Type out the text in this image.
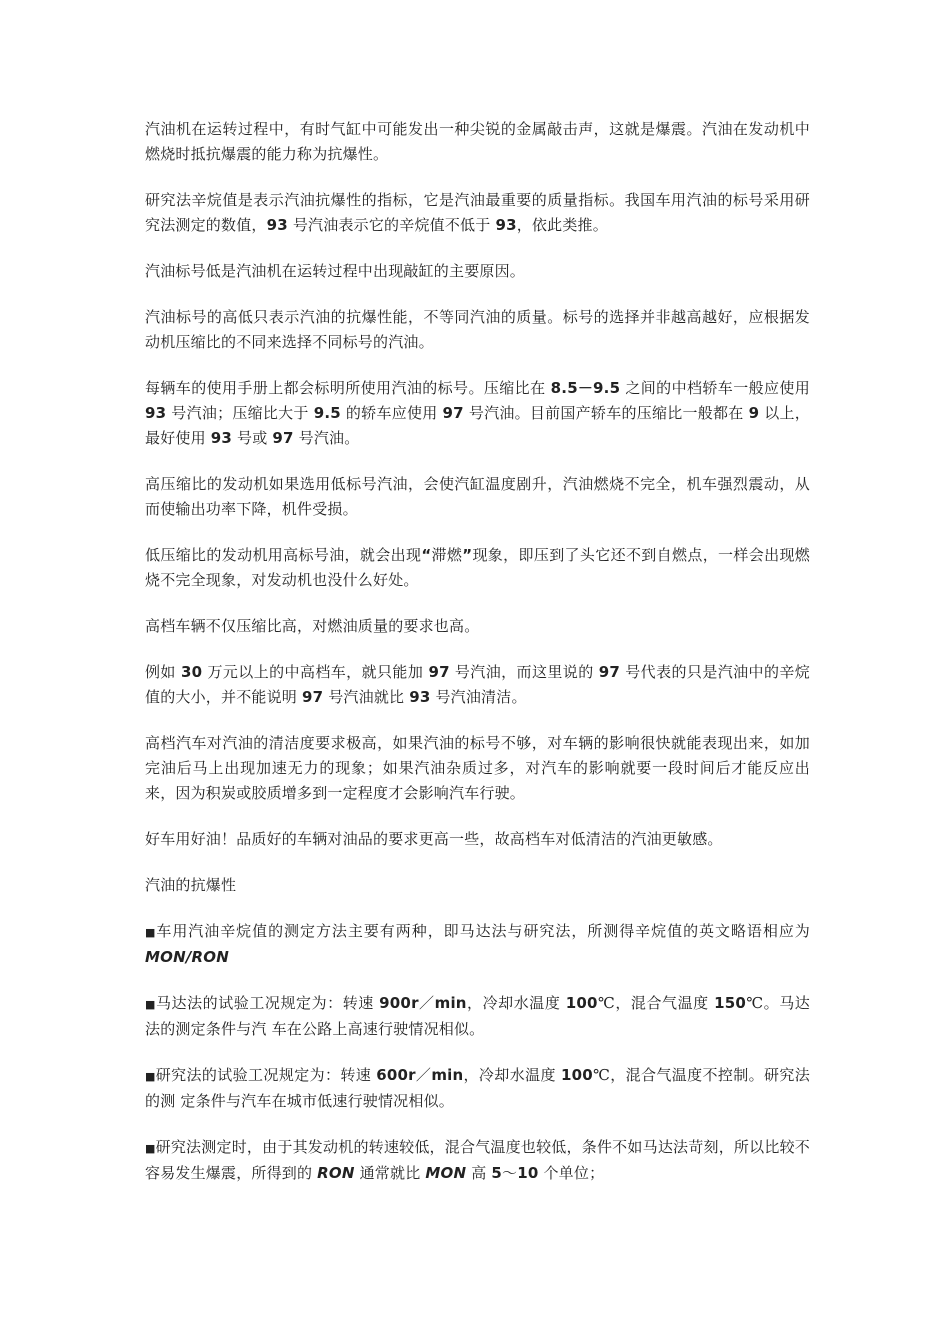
汽油机在运转过程中，有时气缸中可能发出一种尖锐的金属敲击声，这就是爆震。汽油在发动机中燃烧时抵抗爆震的能力称为抗爆性。

研究法辛烷值是表示汽油抗爆性的指标，它是汽油最重要的质量指标。我国车用汽油的标号采用研究法测定的数值，93 号汽油表示它的辛烷值不低于 93，依此类推。

汽油标号低是汽油机在运转过程中出现敲缸的主要原因。

汽油标号的高低只表示汽油的抗爆性能，不等同汽油的质量。标号的选择并非越高越好，应根据发动机压缩比的不同来选择不同标号的汽油。

每辆车的使用手册上都会标明所使用汽油的标号。压缩比在 8.5－9.5 之间的中档轿车一般应使用 93 号汽油；压缩比大于 9.5 的轿车应使用 97 号汽油。目前国产轿车的压缩比一般都在 9 以上，最好使用 93 号或 97 号汽油。

高压缩比的发动机如果选用低标号汽油，会使汽缸温度剧升，汽油燃烧不完全，机车强烈震动，从而使输出功率下降，机件受损。

低压缩比的发动机用高标号油，就会出现“滞燃”现象，即压到了头它还不到自燃点，一样会出现燃烧不完全现象，对发动机也没什么好处。

高档车辆不仅压缩比高，对燃油质量的要求也高。

例如 30 万元以上的中高档车，就只能加 97 号汽油，而这里说的 97 号代表的只是汽油中的辛烷值的大小，并不能说明 97 号汽油就比 93 号汽油清洁。

高档汽车对汽油的清洁度要求极高，如果汽油的标号不够，对车辆的影响很快就能表现出来，如加完油后马上出现加速无力的现象；如果汽油杂质过多，对汽车的影响就要一段时间后才能反应出来，因为积炭或胶质增多到一定程度才会影响汽车行驶。

好车用好油！品质好的车辆对油品的要求更高一些，故高档车对低清洁的汽油更敏感。

汽油的抗爆性

■车用汽油辛烷值的测定方法主要有两种，即马达法与研究法，所测得辛烷值的英文略语相应为 MON/RON

■马达法的试验工况规定为：转速 900r／min，冷却水温度 100℃，混合气温度 150℃。马达法的测定条件与汽 车在公路上高速行驶情况相似。

■研究法的试验工况规定为：转速 600r／min，冷却水温度 100℃，混合气温度不控制。研究法的测 定条件与汽车在城市低速行驶情况相似。

■研究法测定时，由于其发动机的转速较低，混合气温度也较低，条件不如马达法苛刻，所以比较不容易发生爆震，所得到的 RON 通常就比 MON 高 5～10 个单位；
